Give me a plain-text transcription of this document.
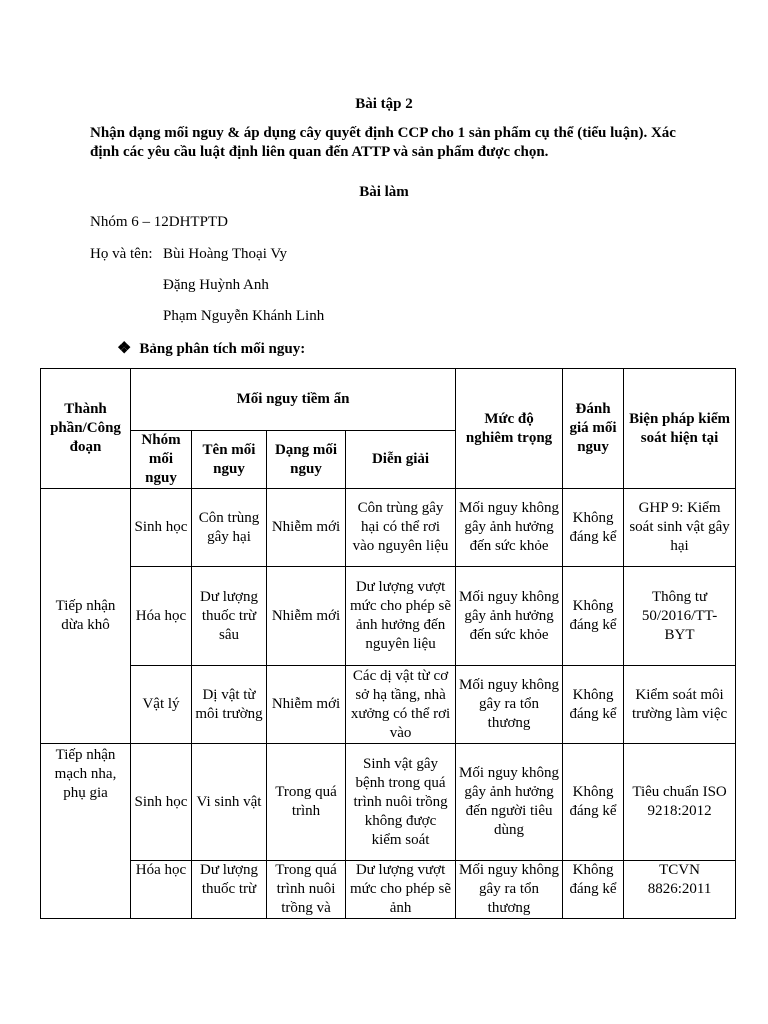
Bài tập 2
Nhận dạng mối nguy & áp dụng cây quyết định CCP cho 1 sản phẩm cụ thể (tiểu luận). Xác định các yêu cầu luật định liên quan đến ATTP và sản phẩm được chọn.
Bài làm
Nhóm 6 – 12DHTPTD
Họ và tên: Bùi Hoàng Thoại Vy
Đặng Huỳnh Anh
Phạm Nguyễn Khánh Linh
❖ Bảng phân tích mối nguy:
Thành phần/Công đoạn	Mối nguy tiềm ẩn				Mức độ nghiêm trọng	Đánh giá mối nguy	Biện pháp kiểm soát hiện tại
	Nhóm mối nguy	Tên mối nguy	Dạng mối nguy	Diễn giải			
Tiếp nhận dừa khô	Sinh học	Côn trùng gây hại	Nhiễm mới	Côn trùng gây hại có thể rơi vào nguyên liệu	Mối nguy không gây ảnh hưởng đến sức khỏe	Không đáng kể	GHP 9: Kiểm soát sinh vật gây hại
	Hóa học	Dư lượng thuốc trừ sâu	Nhiễm mới	Dư lượng vượt mức cho phép sẽ ảnh hưởng đến nguyên liệu	Mối nguy không gây ảnh hưởng đến sức khỏe	Không đáng kể	Thông tư 50/2016/TT-BYT
	Vật lý	Dị vật từ môi trường	Nhiễm mới	Các dị vật từ cơ sở hạ tầng, nhà xưởng có thể rơi vào	Mối nguy không gây ra tổn thương	Không đáng kể	Kiểm soát môi trường làm việc
Tiếp nhận mạch nha, phụ gia	Sinh học	Vi sinh vật	Trong quá trình	Sinh vật gây bệnh trong quá trình nuôi trồng không được kiểm soát	Mối nguy không gây ảnh hưởng đến người tiêu dùng	Không đáng kể	Tiêu chuẩn ISO 9218:2012
	Hóa học	Dư lượng thuốc trừ	Trong quá trình nuôi trồng và	Dư lượng vượt mức cho phép sẽ ảnh	Mối nguy không gây ra tổn thương	Không đáng kể	TCVN 8826:2011
